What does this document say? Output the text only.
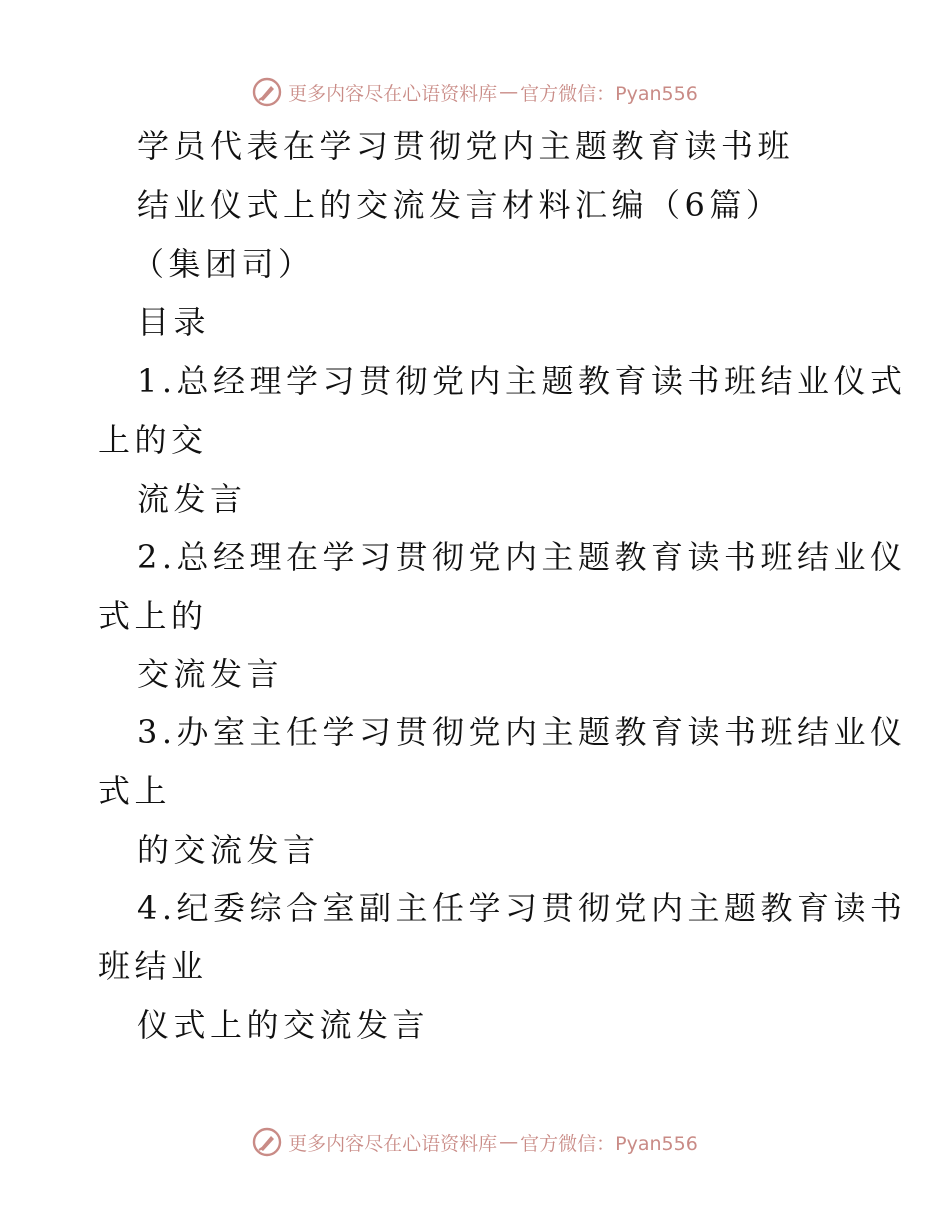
更多内容尽在心语资料库 — 官方微信：Pyan556
学员代表在学习贯彻党内主题教育读书班
结业仪式上的交流发言材料汇编（6篇）
（集团司）
目录
1.总经理学习贯彻党内主题教育读书班结业仪式
上的交
流发言
2.总经理在学习贯彻党内主题教育读书班结业仪
式上的
交流发言
3.办室主任学习贯彻党内主题教育读书班结业仪
式上
的交流发言
4.纪委综合室副主任学习贯彻党内主题教育读书
班结业
仪式上的交流发言
更多内容尽在心语资料库 — 官方微信：Pyan556
